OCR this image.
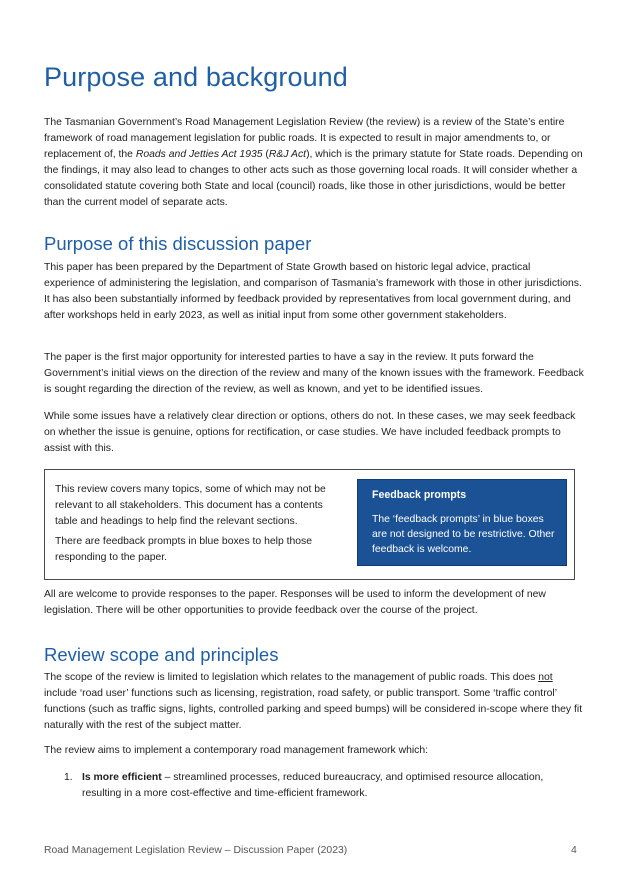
Purpose and background

The Tasmanian Government’s Road Management Legislation Review (the review) is a review of the State’s entire framework of road management legislation for public roads. It is expected to result in major amendments to, or replacement of, the Roads and Jetties Act 1935 (R&J Act), which is the primary statute for State roads. Depending on the findings, it may also lead to changes to other acts such as those governing local roads. It will consider whether a consolidated statute covering both State and local (council) roads, like those in other jurisdictions, would be better than the current model of separate acts.

Purpose of this discussion paper

This paper has been prepared by the Department of State Growth based on historic legal advice, practical experience of administering the legislation, and comparison of Tasmania’s framework with those in other jurisdictions. It has also been substantially informed by feedback provided by representatives from local government during, and after workshops held in early 2023, as well as initial input from some other government stakeholders.

The paper is the first major opportunity for interested parties to have a say in the review. It puts forward the Government’s initial views on the direction of the review and many of the known issues with the framework. Feedback is sought regarding the direction of the review, as well as known, and yet to be identified issues.

While some issues have a relatively clear direction or options, others do not. In these cases, we may seek feedback on whether the issue is genuine, options for rectification, or case studies. We have included feedback prompts to assist with this.

This review covers many topics, some of which may not be relevant to all stakeholders. This document has a contents table and headings to help find the relevant sections.

There are feedback prompts in blue boxes to help those responding to the paper.

Feedback prompts
The ‘feedback prompts’ in blue boxes are not designed to be restrictive. Other feedback is welcome.

All are welcome to provide responses to the paper. Responses will be used to inform the development of new legislation. There will be other opportunities to provide feedback over the course of the project.

Review scope and principles

The scope of the review is limited to legislation which relates to the management of public roads. This does not include ‘road user’ functions such as licensing, registration, road safety, or public transport. Some ‘traffic control’ functions (such as traffic signs, lights, controlled parking and speed bumps) will be considered in-scope where they fit naturally with the rest of the subject matter.

The review aims to implement a contemporary road management framework which:

1. Is more efficient – streamlined processes, reduced bureaucracy, and optimised resource allocation, resulting in a more cost-effective and time-efficient framework.
Road Management Legislation Review – Discussion Paper (2023)	4
